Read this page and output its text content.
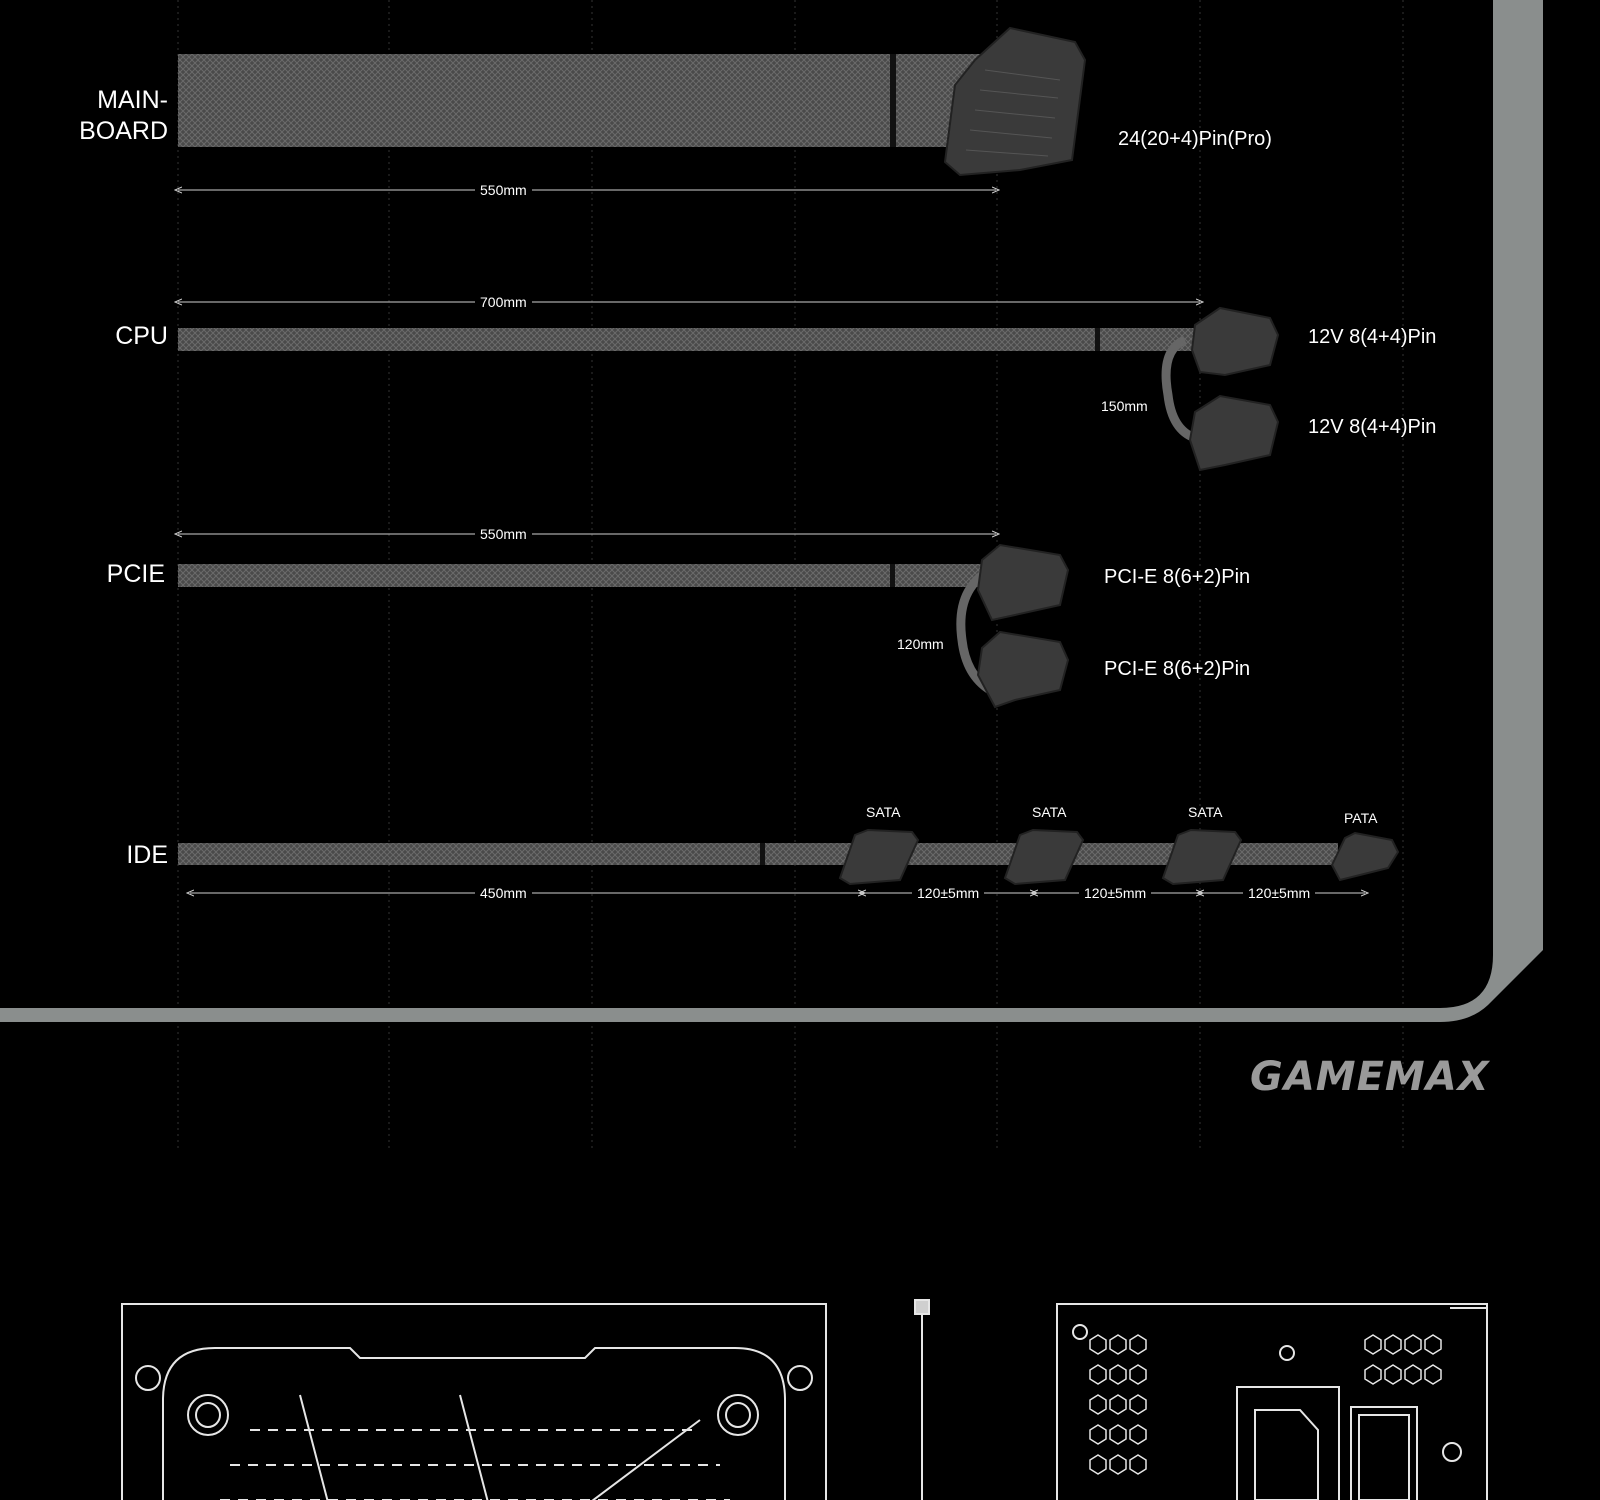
MAIN-
BOARD
CPU
PCIE
IDE
24(20+4)Pin(Pro)
12V 8(4+4)Pin
12V 8(4+4)Pin
PCI-E 8(6+2)Pin
PCI-E 8(6+2)Pin
SATA	SATA	SATA	PATA
550mm
700mm
150mm
550mm
120mm
450mm	120±5mm	120±5mm	120±5mm
GAMEMAX
